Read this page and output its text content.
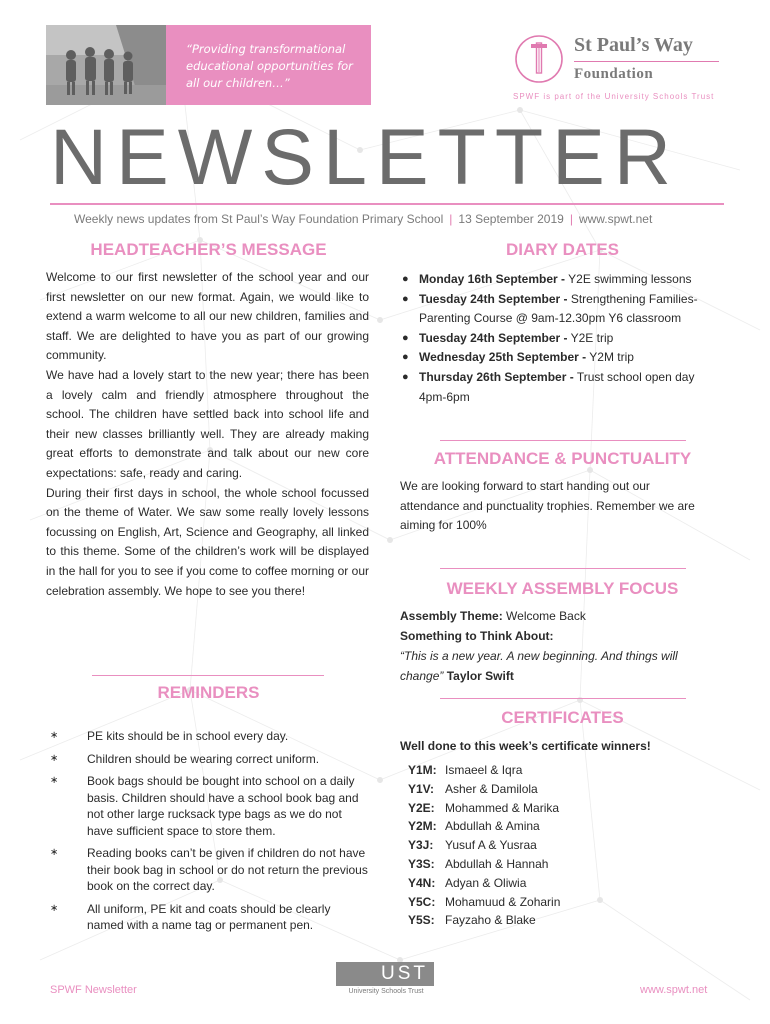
“Providing transformational educational opportunities for all our children…”
St Paul’s Way
Foundation
SPWF is part of the University Schools Trust
NEWSLETTER
Weekly news updates from St Paul’s Way Foundation Primary School | 13 September 2019 | www.spwt.net
HEADTEACHER’S MESSAGE

Welcome to our first newsletter of the school year and our first newsletter on our new format. Again, we would like to extend a warm welcome to all our new children, families and staff. We are delighted to have you as part of our growing community.

We have had a lovely start to the new year; there has been a lovely calm and friendly atmosphere throughout the school. The children have settled back into school life and their new classes brilliantly well. They are already making great efforts to demonstrate and talk about our new core expectations: safe, ready and caring.

During their first days in school, the whole school focussed on the theme of Water. We saw some really lovely lessons focussing on English, Art, Science and Geography, all linked to this theme. Some of the children’s work will be displayed in the hall for you to see if you come to coffee morning or our celebration assembly. We hope to see you there!

REMINDERS
∗ PE kits should be in school every day.
∗ Children should be wearing correct uniform.
∗ Book bags should be bought into school on a daily basis. Children should have a school book bag and not other large rucksack type bags as we do not have sufficient space to store them.
∗ Reading books can’t be given if children do not have their book bag in school or do not return the previous book on the correct day.
∗ All uniform, PE kit and coats should be clearly named with a name tag or permanent pen.
DIARY DATES
● Monday 16th September - Y2E swimming lessons
● Tuesday 24th September - Strengthening Families- Parenting Course @ 9am-12.30pm Y6 classroom
● Tuesday 24th September - Y2E trip
● Wednesday 25th September - Y2M trip
● Thursday 26th September - Trust school open day 4pm-6pm
ATTENDANCE & PUNCTUALITY
We are looking forward to start handing out our attendance and punctuality trophies. Remember we are aiming for 100%
WEEKLY ASSEMBLY FOCUS
Assembly Theme: Welcome Back
Something to Think About:
“This is a new year. A new beginning. And things will change” Taylor Swift
CERTIFICATES
Well done to this week’s certificate winners!
Y1M: Ismaeel & Iqra
Y1V: Asher & Damilola
Y2E: Mohammed & Marika
Y2M: Abdullah & Amina
Y3J: Yusuf A & Yusraa
Y3S: Abdullah & Hannah
Y4N: Adyan & Oliwia
Y5C: Mohamuud & Zoharin
Y5S: Fayzaho & Blake
SPWF Newsletter
UST
University Schools Trust	www.spwt.net
